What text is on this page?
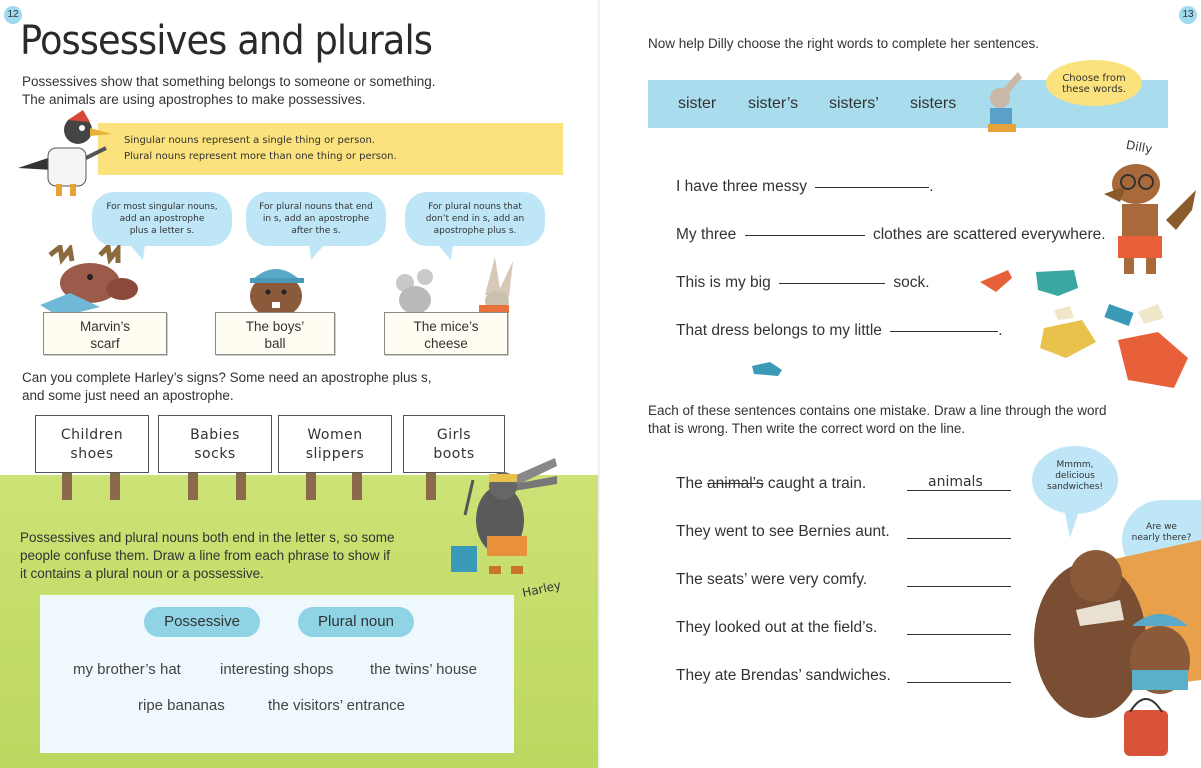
12
Possessives and plurals
Possessives show that something belongs to someone or something.
The animals are using apostrophes to make possessives.

Singular nouns represent a single thing or person.

Plural nouns represent more than one thing or person.

For most singular nouns,
add an apostrophe
plus a letter s.
For plural nouns that end
in s, add an apostrophe
after the s.
For plural nouns that
don’t end in s, add an
apostrophe plus s.
Marvin’s
scarf
The boys’
ball
The mice’s
cheese
Can you complete Harley’s signs? Some need an apostrophe plus s,
and some just need an apostrophe.
Children
shoes
Babies
socks
Women
slippers
Girls
boots
Harley
Possessives and plural nouns both end in the letter s, so some
people confuse them. Draw a line from each phrase to show if
it contains a plural noun or a possessive.
Possessive	Plural noun
my brother’s hat	interesting shops the twins’ house
ripe bananas	the visitors’ entrance
13
Now help Dilly choose the right words to complete her sentences.
sister sister’s sisters’ sisters
Choose from
these words.
Dilly
I have three messy	.
My three	clothes are scattered everywhere.
This is my big	sock.
That dress belongs to my little	.
Each of these sentences contains one mistake. Draw a line through the word
that is wrong. Then write the correct word on the line.
The animal’s caught a train.	animals
They went to see Bernies aunt.
The seats’ were very comfy.
They looked out at the field’s.
They ate Brendas’ sandwiches.
Mmmm,
delicious
sandwiches!
Are we
nearly there?
